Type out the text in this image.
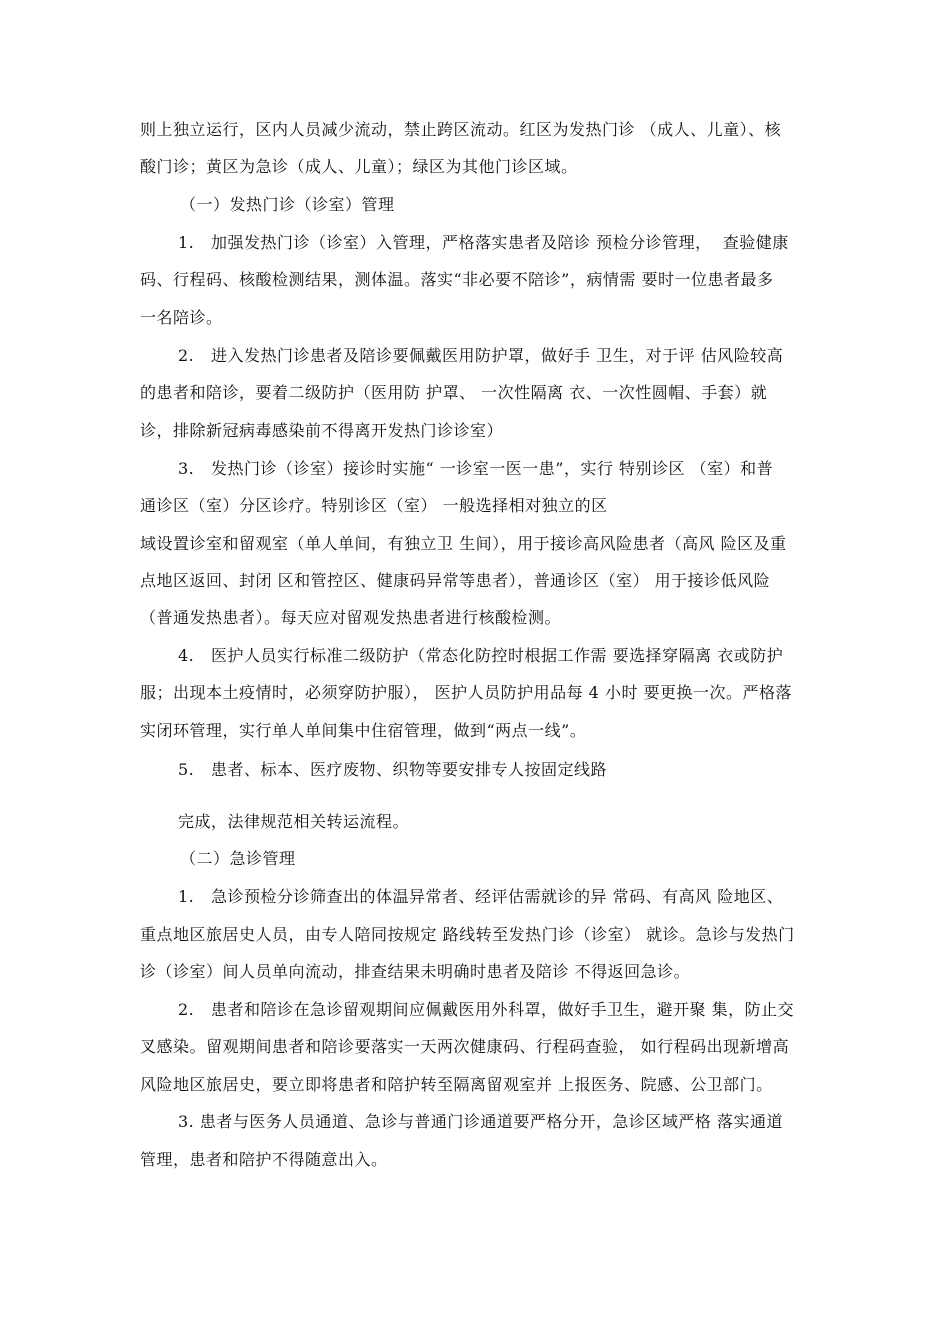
则上独立运行，区内人员减少流动，禁止跨区流动。红区为发热门诊 （成人、儿童）、核
酸门诊；黄区为急诊（成人、儿童）；绿区为其他门诊区域。
（一）发热门诊（诊室）管理
1.   加强发热门诊（诊室）入管理，严格落实患者及陪诊 预检分诊管理，  查验健康
码、行程码、核酸检测结果，测体温。落实“非必要不陪诊”，病情需 要时一位患者最多
一名陪诊。
2.   进入发热门诊患者及陪诊要佩戴医用防护罩，做好手 卫生，对于评 估风险较高
的患者和陪诊，要着二级防护（医用防 护罩、 一次性隔离 衣、一次性圆帽、手套）就
诊，排除新冠病毒感染前不得离开发热门诊诊室）
3.   发热门诊（诊室）接诊时实施“ 一诊室一医一患”，实行 特别诊区 （室）和普
通诊区（室）分区诊疗。特别诊区（室） 一般选择相对独立的区
域设置诊室和留观室（单人单间，有独立卫 生间），用于接诊高风险患者（高风 险区及重
点地区返回、封闭 区和管控区、健康码异常等患者），普通诊区（室） 用于接诊低风险
（普通发热患者）。每天应对留观发热患者进行核酸检测。
4.   医护人员实行标准二级防护（常态化防控时根据工作需 要选择穿隔离 衣或防护
服；出现本土疫情时，必须穿防护服）， 医护人员防护用品每 4 小时 要更换一次。严格落
实闭环管理，实行单人单间集中住宿管理，做到“两点一线”。
5.   患者、标本、医疗废物、织物等要安排专人按固定线路
完成，法律规范相关转运流程。
（二）急诊管理
1.   急诊预检分诊筛查出的体温异常者、经评估需就诊的异 常码、有高风 险地区、
重点地区旅居史人员，由专人陪同按规定 路线转至发热门诊（诊室） 就诊。急诊与发热门
诊（诊室）间人员单向流动，排查结果未明确时患者及陪诊 不得返回急诊。
2.   患者和陪诊在急诊留观期间应佩戴医用外科罩，做好手卫生，避开聚 集，防止交
叉感染。留观期间患者和陪诊要落实一天两次健康码、行程码查验， 如行程码出现新增高
风险地区旅居史，要立即将患者和陪护转至隔离留观室并 上报医务、院感、公卫部门。
3. 患者与医务人员通道、急诊与普通门诊通道要严格分开，急诊区域严格 落实通道
管理，患者和陪护不得随意出入。
